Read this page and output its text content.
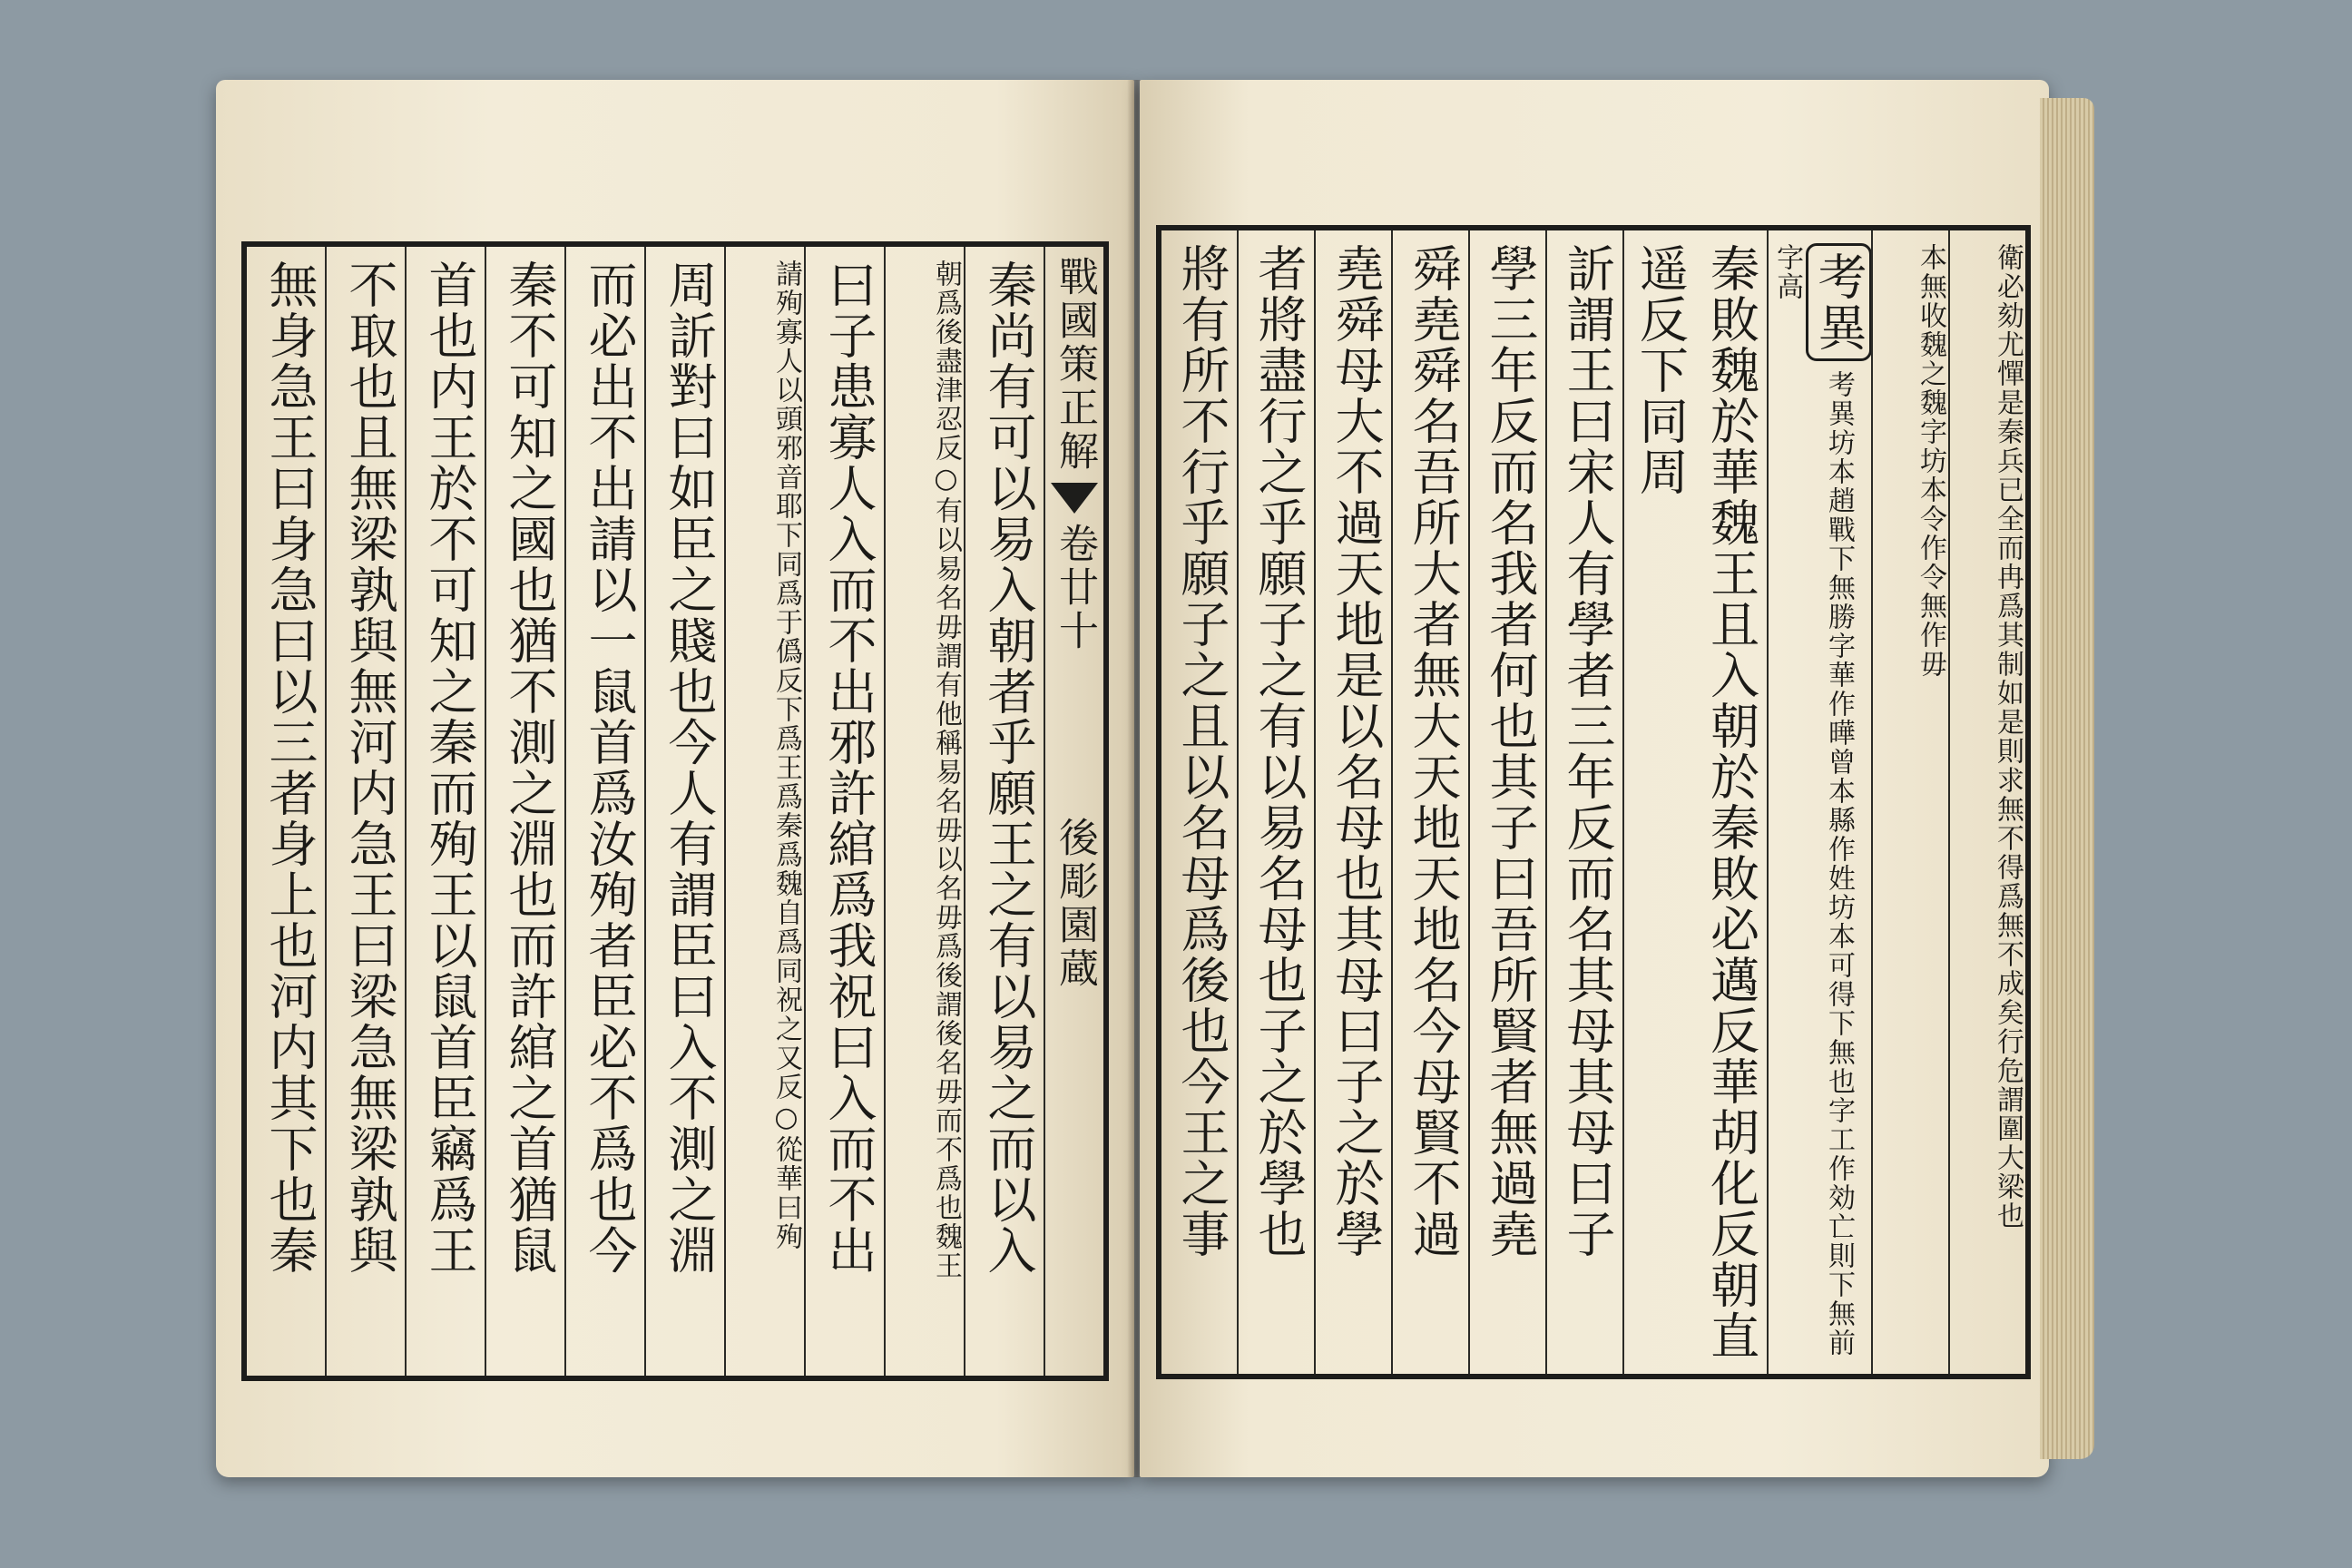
戰國策正解
卷廿十
後彫園蔵
秦尚有可以易入朝者乎願王之有以易之而以入
朝爲後盡津忍反○有以易名毋謂有他稱易名毋以名毋爲後謂後名毋而不爲也魏王
曰子患寡人入而不出邪許綰爲我祝曰入而不出
請殉寡人以頭邪音耶下同爲于僞反下爲王爲秦爲魏自爲同祝之又反○從華曰殉
周訢對曰如臣之賤也今人有謂臣曰入不測之淵
而必出不出請以一鼠首爲汝殉者臣必不爲也今
秦不可知之國也猶不測之淵也而許綰之首猶鼠
首也内王於不可知之秦而殉王以鼠首臣竊爲王
不取也且無梁孰與無河内急王曰梁急無梁孰與
無身急王曰身急曰以三者身上也河内其下也秦	衛必劾尤憚是秦兵已全而冉爲其制如是則求無不得爲無不成矣行危謂圍大梁也
本無收魏之魏字坊本令作令無作毋
考異考異坊本趙戰下無勝字華作曄曾本縣作姓坊本可得下無也字工作効亡則下無前字高
秦敗魏於華魏王且入朝於秦敗必邁反華胡化反朝直遥反下同周
訢謂王曰宋人有學者三年反而名其母其母曰子
學三年反而名我者何也其子曰吾所賢者無過堯
舜堯舜名吾所大者無大天地天地名今母賢不過
堯舜母大不過天地是以名母也其母曰子之於學
者將盡行之乎願子之有以易名母也子之於學也
將有所不行乎願子之且以名母爲後也今王之事
